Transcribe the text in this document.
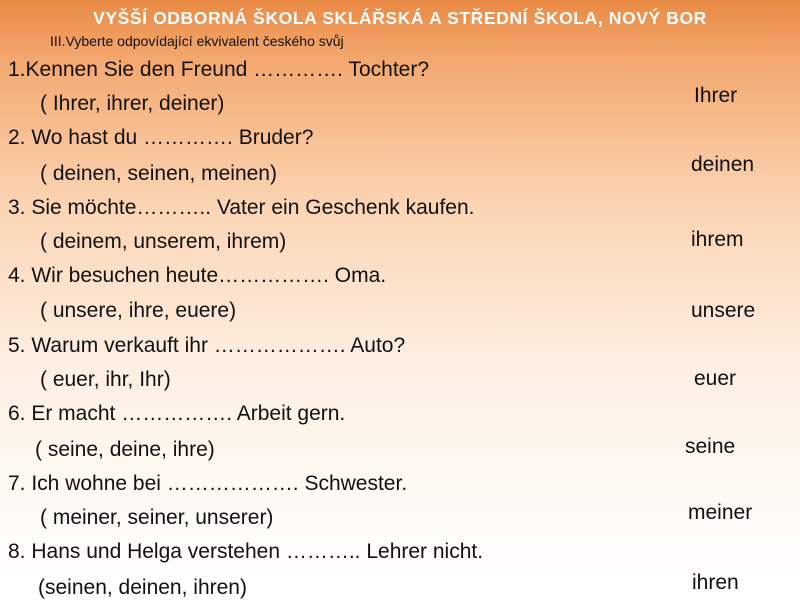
VYŠŠÍ ODBORNÁ ŠKOLA SKLÁŘSKÁ A STŘEDNÍ ŠKOLA, NOVÝ BOR
III.Vyberte odpovídající ekvivalent českého svůj
1.Kennen Sie den Freund …………. Tochter?
( Ihrer, ihrer, deiner)
2. Wo hast du …………. Bruder?
( deinen, seinen, meinen)
3. Sie möchte……….. Vater ein Geschenk kaufen.
( deinem, unserem, ihrem)
4. Wir besuchen heute……………. Oma.
( unsere, ihre, euere)
5. Warum verkauft ihr ………………. Auto?
( euer, ihr, Ihr)
6. Er macht ……………. Arbeit gern.
( seine, deine, ihre)
7. Ich wohne bei ………………. Schwester.
( meiner, seiner, unserer)
8. Hans und Helga verstehen ……….. Lehrer nicht.
(seinen, deinen, ihren)
Ihrer
deinen
ihrem
unsere
euer
seine
meiner
ihren
